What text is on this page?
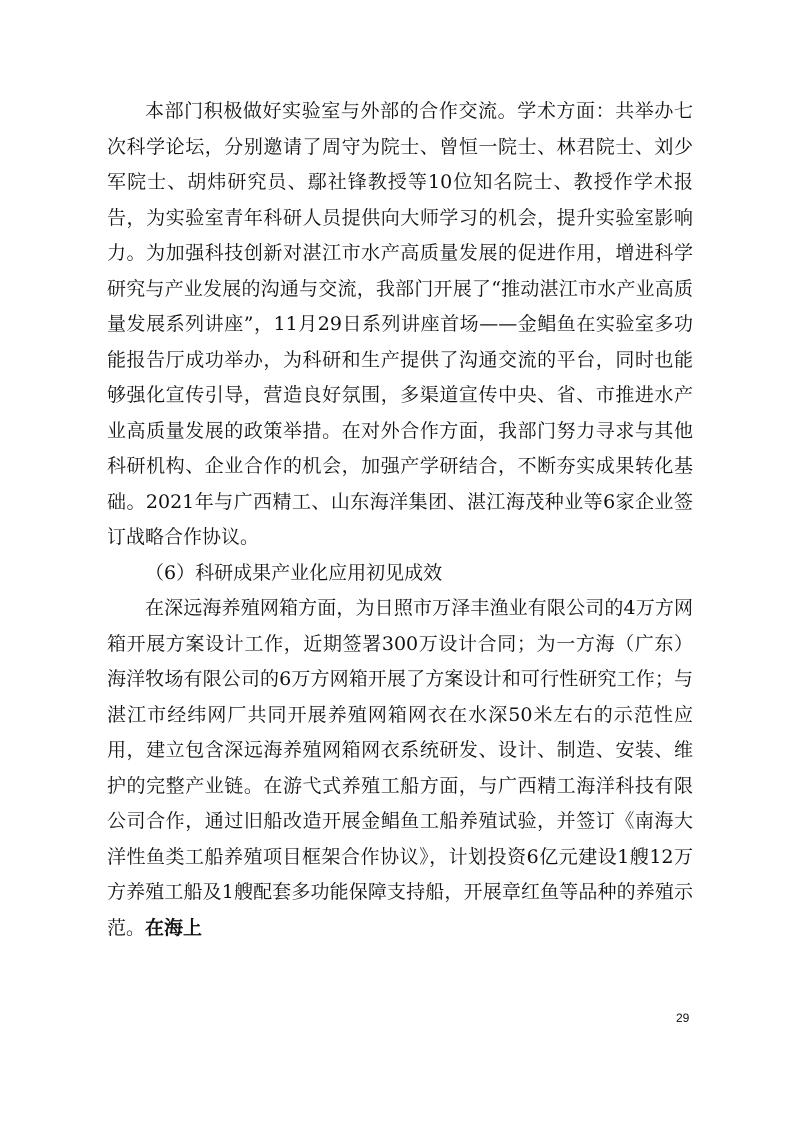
本部门积极做好实验室与外部的合作交流。学术方面：共举办七次科学论坛，分别邀请了周守为院士、曾恒一院士、林君院士、刘少军院士、胡炜研究员、鄢社锋教授等10位知名院士、教授作学术报告，为实验室青年科研人员提供向大师学习的机会，提升实验室影响力。为加强科技创新对湛江市水产高质量发展的促进作用，增进科学研究与产业发展的沟通与交流，我部门开展了“推动湛江市水产业高质量发展系列讲座”，11月29日系列讲座首场——金鲳鱼在实验室多功能报告厅成功举办，为科研和生产提供了沟通交流的平台，同时也能够强化宣传引导，营造良好氛围，多渠道宣传中央、省、市推进水产业高质量发展的政策举措。在对外合作方面，我部门努力寻求与其他科研机构、企业合作的机会，加强产学研结合，不断夯实成果转化基础。2021年与广西精工、山东海洋集团、湛江海茂种业等6家企业签订战略合作协议。

（6）科研成果产业化应用初见成效

在深远海养殖网箱方面，为日照市万泽丰渔业有限公司的4万方网箱开展方案设计工作，近期签署300万设计合同；为一方海（广东）海洋牧场有限公司的6万方网箱开展了方案设计和可行性研究工作；与湛江市经纬网厂共同开展养殖网箱网衣在水深50米左右的示范性应用，建立包含深远海养殖网箱网衣系统研发、设计、制造、安装、维护的完整产业链。在游弋式养殖工船方面，与广西精工海洋科技有限公司合作，通过旧船改造开展金鲳鱼工船养殖试验，并签订《南海大洋性鱼类工船养殖项目框架合作协议》，计划投资6亿元建设1艘12万方养殖工船及1艘配套多功能保障支持船，开展章红鱼等品种的养殖示范。在海上

29
